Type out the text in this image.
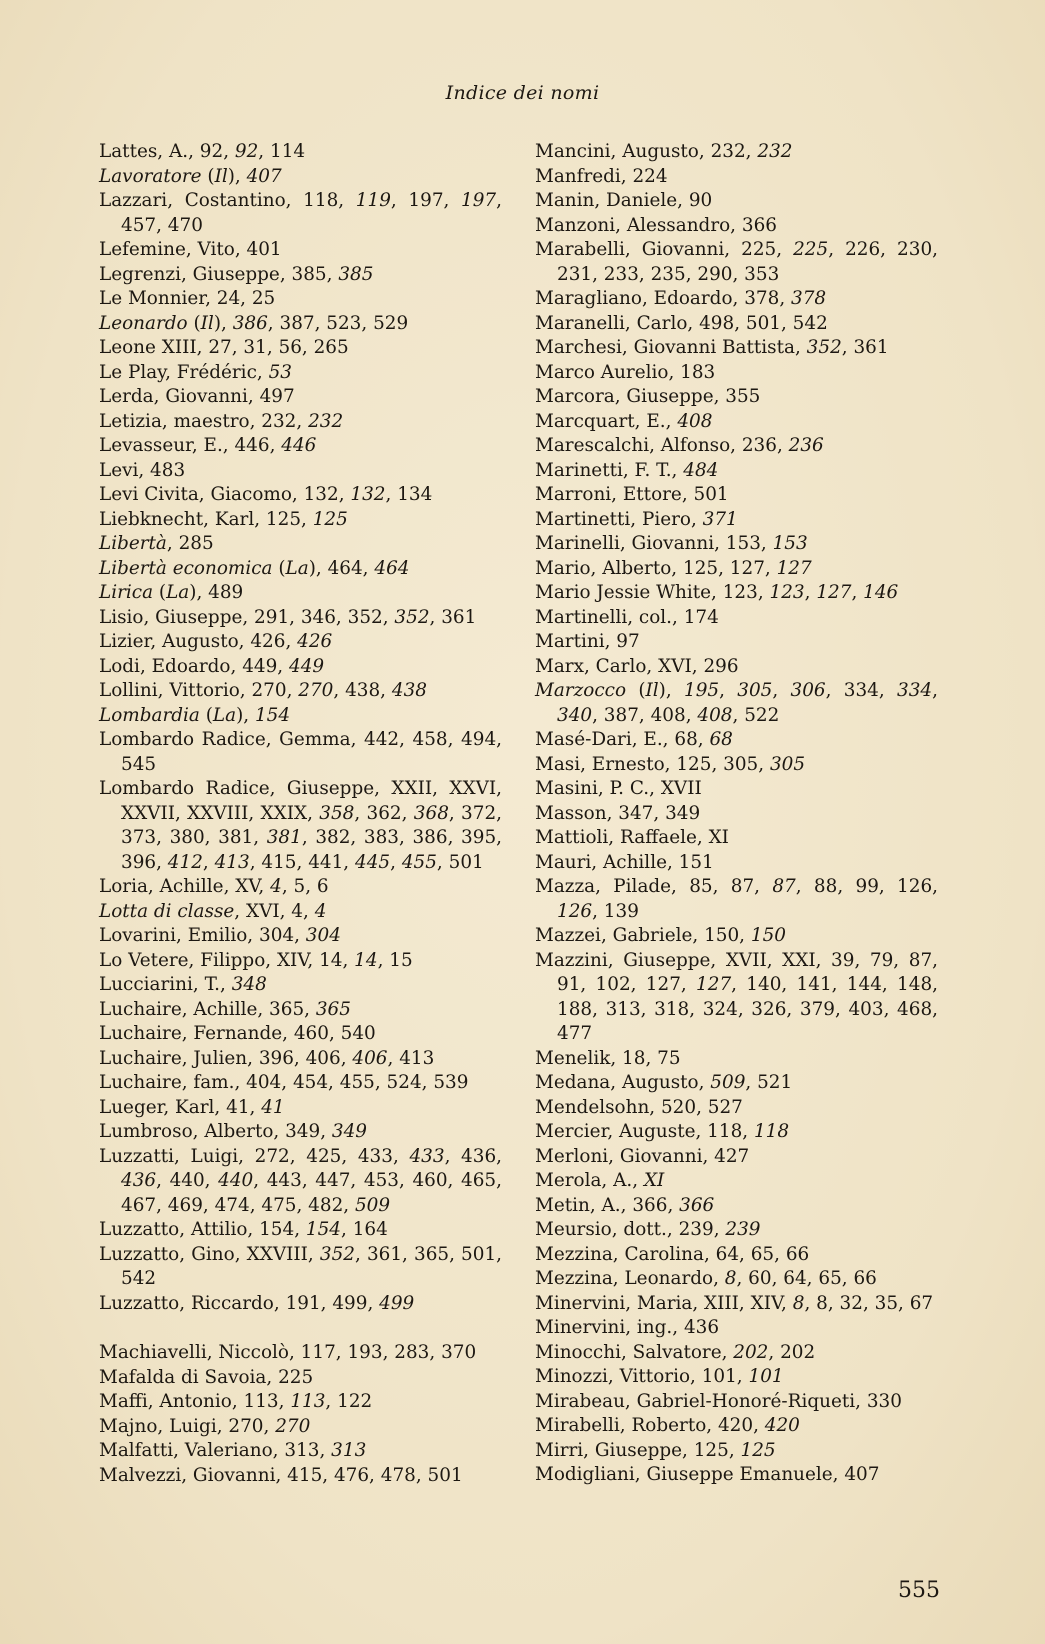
Indice dei nomi
Lattes, A., 92, 92, 114
Lavoratore (Il), 407
Lazzari, Costantino, 118, 119, 197, 197, 457, 470
Lefemine, Vito, 401
Legrenzi, Giuseppe, 385, 385
Le Monnier, 24, 25
Leonardo (Il), 386, 387, 523, 529
Leone XIII, 27, 31, 56, 265
Le Play, Frédéric, 53
Lerda, Giovanni, 497
Letizia, maestro, 232, 232
Levasseur, E., 446, 446
Levi, 483
Levi Civita, Giacomo, 132, 132, 134
Liebknecht, Karl, 125, 125
Libertà, 285
Libertà economica (La), 464, 464
Lirica (La), 489
Lisio, Giuseppe, 291, 346, 352, 352, 361
Lizier, Augusto, 426, 426
Lodi, Edoardo, 449, 449
Lollini, Vittorio, 270, 270, 438, 438
Lombardia (La), 154
Lombardo Radice, Gemma, 442, 458, 494, 545
Lombardo Radice, Giuseppe, XXII, XXVI, XXVII, XXVIII, XXIX, 358, 362, 368, 372, 373, 380, 381, 381, 382, 383, 386, 395, 396, 412, 413, 415, 441, 445, 455, 501
Loria, Achille, XV, 4, 5, 6
Lotta di classe, XVI, 4, 4
Lovarini, Emilio, 304, 304
Lo Vetere, Filippo, XIV, 14, 14, 15
Lucciarini, T., 348
Luchaire, Achille, 365, 365
Luchaire, Fernande, 460, 540
Luchaire, Julien, 396, 406, 406, 413
Luchaire, fam., 404, 454, 455, 524, 539
Lueger, Karl, 41, 41
Lumbroso, Alberto, 349, 349
Luzzatti, Luigi, 272, 425, 433, 433, 436, 436, 440, 440, 443, 447, 453, 460, 465, 467, 469, 474, 475, 482, 509
Luzzatto, Attilio, 154, 154, 164
Luzzatto, Gino, XXVIII, 352, 361, 365, 501, 542
Luzzatto, Riccardo, 191, 499, 499
Machiavelli, Niccolò, 117, 193, 283, 370
Mafalda di Savoia, 225
Maffi, Antonio, 113, 113, 122
Majno, Luigi, 270, 270
Malfatti, Valeriano, 313, 313
Malvezzi, Giovanni, 415, 476, 478, 501
Mancini, Augusto, 232, 232
Manfredi, 224
Manin, Daniele, 90
Manzoni, Alessandro, 366
Marabelli, Giovanni, 225, 225, 226, 230, 231, 233, 235, 290, 353
Maragliano, Edoardo, 378, 378
Maranelli, Carlo, 498, 501, 542
Marchesi, Giovanni Battista, 352, 361
Marco Aurelio, 183
Marcora, Giuseppe, 355
Marcquart, E., 408
Marescalchi, Alfonso, 236, 236
Marinetti, F. T., 484
Marroni, Ettore, 501
Martinetti, Piero, 371
Marinelli, Giovanni, 153, 153
Mario, Alberto, 125, 127, 127
Mario Jessie White, 123, 123, 127, 146
Martinelli, col., 174
Martini, 97
Marx, Carlo, XVI, 296
Marzocco (Il), 195, 305, 306, 334, 334, 340, 387, 408, 408, 522
Masé-Dari, E., 68, 68
Masi, Ernesto, 125, 305, 305
Masini, P. C., XVII
Masson, 347, 349
Mattioli, Raffaele, XI
Mauri, Achille, 151
Mazza, Pilade, 85, 87, 87, 88, 99, 126, 126, 139
Mazzei, Gabriele, 150, 150
Mazzini, Giuseppe, XVII, XXI, 39, 79, 87, 91, 102, 127, 127, 140, 141, 144, 148, 188, 313, 318, 324, 326, 379, 403, 468, 477
Menelik, 18, 75
Medana, Augusto, 509, 521
Mendelsohn, 520, 527
Mercier, Auguste, 118, 118
Merloni, Giovanni, 427
Merola, A., XI
Metin, A., 366, 366
Meursio, dott., 239, 239
Mezzina, Carolina, 64, 65, 66
Mezzina, Leonardo, 8, 60, 64, 65, 66
Minervini, Maria, XIII, XIV, 8, 8, 32, 35, 67
Minervini, ing., 436
Minocchi, Salvatore, 202, 202
Minozzi, Vittorio, 101, 101
Mirabeau, Gabriel-Honoré-Riqueti, 330
Mirabelli, Roberto, 420, 420
Mirri, Giuseppe, 125, 125
Modigliani, Giuseppe Emanuele, 407
555
